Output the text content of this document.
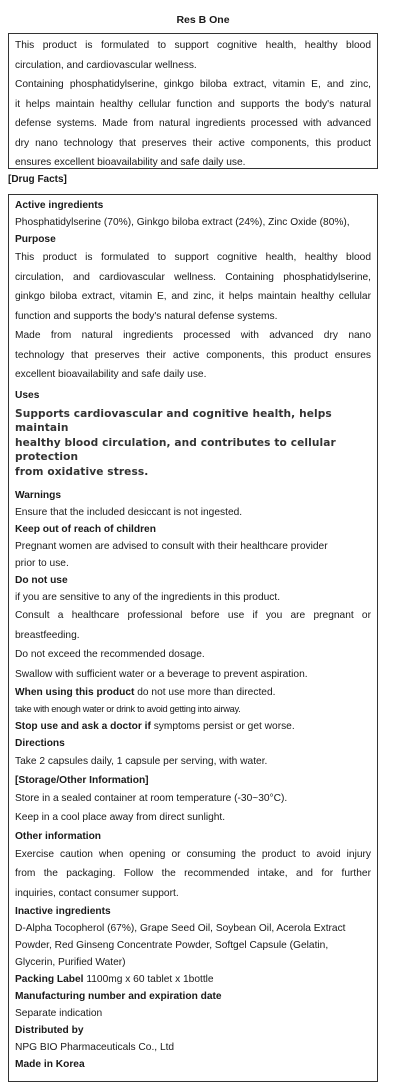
Res B One

This product is formulated to support cognitive health, healthy blood

circulation, and cardiovascular wellness.

Containing phosphatidylserine, ginkgo biloba extract, vitamin E, and zinc,

it helps maintain healthy cellular function and supports the body's natural

defense systems. Made from natural ingredients processed with advanced

dry nano technology that preserves their active components, this product

ensures excellent bioavailability and safe daily use.

[Drug Facts]

Active ingredients

Phosphatidylserine (70%), Ginkgo biloba extract (24%), Zinc Oxide (80%),

Purpose

This product is formulated to support cognitive health, healthy blood

circulation, and cardiovascular wellness. Containing phosphatidylserine,

ginkgo biloba extract, vitamin E, and zinc, it helps maintain healthy cellular

function and supports the body's natural defense systems.

Made from natural ingredients processed with advanced dry nano

technology that preserves their active components, this product ensures

excellent bioavailability and safe daily use.

Uses

Supports cardiovascular and cognitive health, helps maintain

healthy blood circulation, and contributes to cellular protection

from oxidative stress.

Warnings

Ensure that the included desiccant is not ingested.

Keep out of reach of children

Pregnant women are advised to consult with their healthcare provider

prior to use.

Do not use

if you are sensitive to any of the ingredients in this product.

Consult a healthcare professional before use if you are pregnant or

breastfeeding.

Do not exceed the recommended dosage.

Swallow with sufficient water or a beverage to prevent aspiration.

When using this product do not use more than directed.

take with enough water or drink to avoid getting into airway.

Stop use and ask a doctor if symptoms persist or get worse.

Directions

Take 2 capsules daily, 1 capsule per serving, with water.

[Storage/Other Information]

Store in a sealed container at room temperature (-30~30°C).

Keep in a cool place away from direct sunlight.

Other information

Exercise caution when opening or consuming the product to avoid injury

from the packaging. Follow the recommended intake, and for further

inquiries, contact consumer support.

Inactive ingredients

D-Alpha Tocopherol (67%), Grape Seed Oil, Soybean Oil, Acerola Extract

Powder, Red Ginseng Concentrate Powder, Softgel Capsule (Gelatin,

Glycerin, Purified Water)

Packing Label 1100mg x 60 tablet x 1bottle

Manufacturing number and expiration date

Separate indication

Distributed by

NPG BIO Pharmaceuticals Co., Ltd

Made in Korea
